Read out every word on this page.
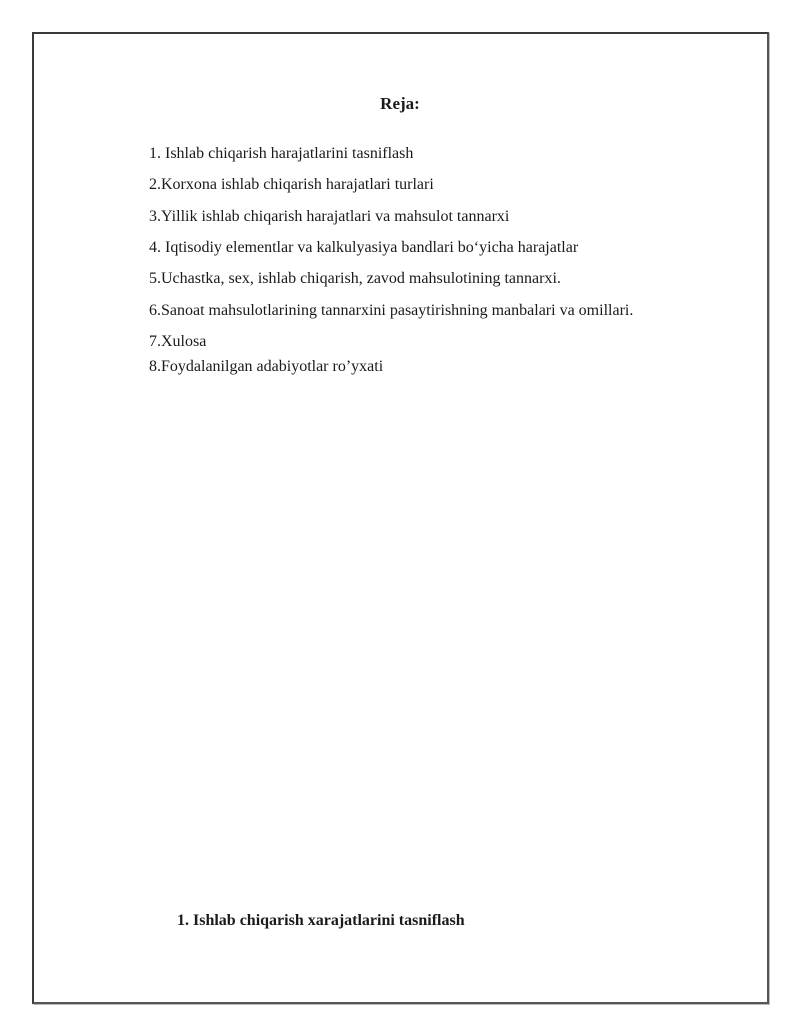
Reja:
1. Ishlab chiqarish harajatlarini tasniflash
2.Korxona ishlab chiqarish harajatlari turlari
3.Yillik ishlab chiqarish harajatlari va mahsulot tannarxi
4. Iqtisodiy elementlar va kalkulyasiya bandlari bo‘yicha harajatlar
5.Uchastka, sex, ishlab chiqarish, zavod mahsulotining tannarxi.
6.Sanoat mahsulotlarining tannarxini pasaytirishning manbalari va omillari.
7.Xulosa
8.Foydalanilgan adabiyotlar ro’yxati
1. Ishlab chiqarish xarajatlarini tasniflash
